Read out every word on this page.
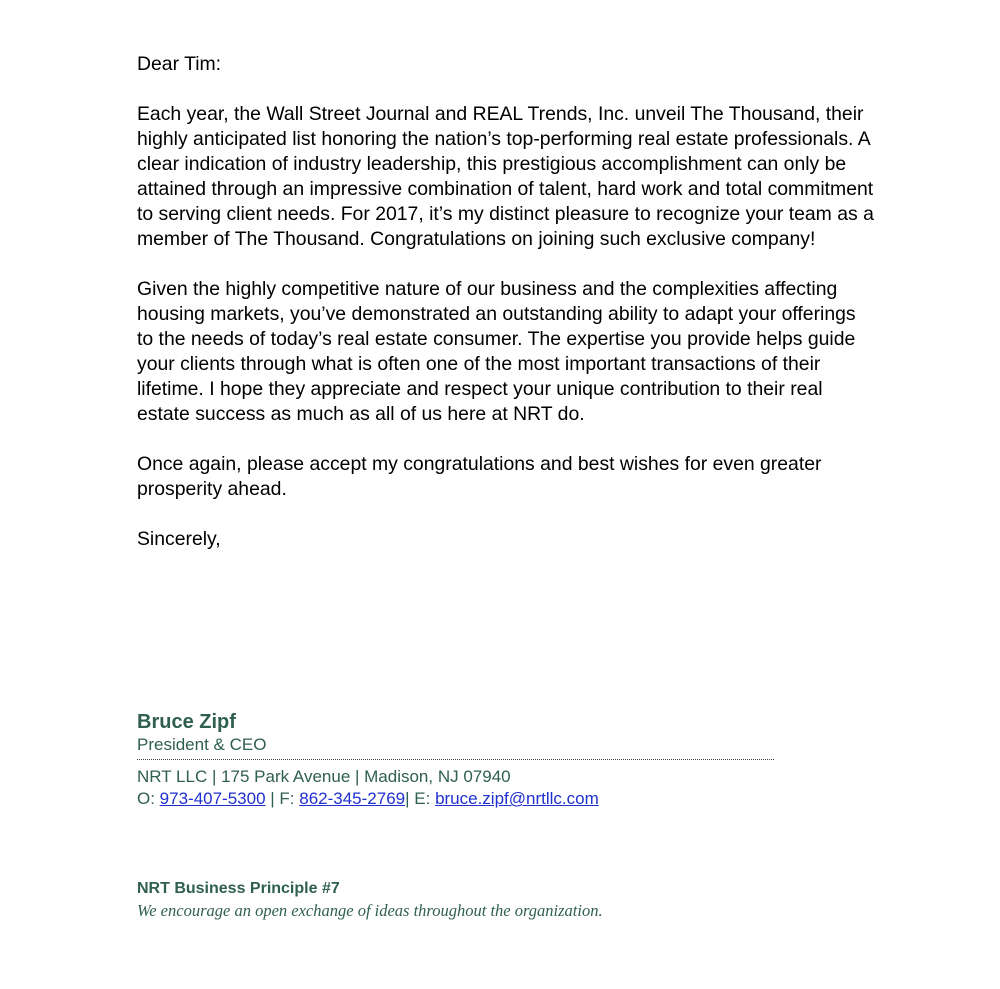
Dear Tim:

Each year, the Wall Street Journal and REAL Trends, Inc. unveil The Thousand, their highly anticipated list honoring the nation’s top-performing real estate professionals. A clear indication of industry leadership, this prestigious accomplishment can only be attained through an impressive combination of talent, hard work and total commitment to serving client needs. For 2017, it’s my distinct pleasure to recognize your team as a member of The Thousand. Congratulations on joining such exclusive company!

Given the highly competitive nature of our business and the complexities affecting housing markets, you’ve demonstrated an outstanding ability to adapt your offerings to the needs of today’s real estate consumer. The expertise you provide helps guide your clients through what is often one of the most important transactions of their lifetime. I hope they appreciate and respect your unique contribution to their real estate success as much as all of us here at NRT do.

Once again, please accept my congratulations and best wishes for even greater prosperity ahead.

Sincerely,

Bruce Zipf
President & CEO
NRT LLC | 175 Park Avenue | Madison, NJ 07940
O: 973-407-5300 | F: 862-345-2769| E: bruce.zipf@nrtllc.com
NRT Business Principle #7
We encourage an open exchange of ideas throughout the organization.
